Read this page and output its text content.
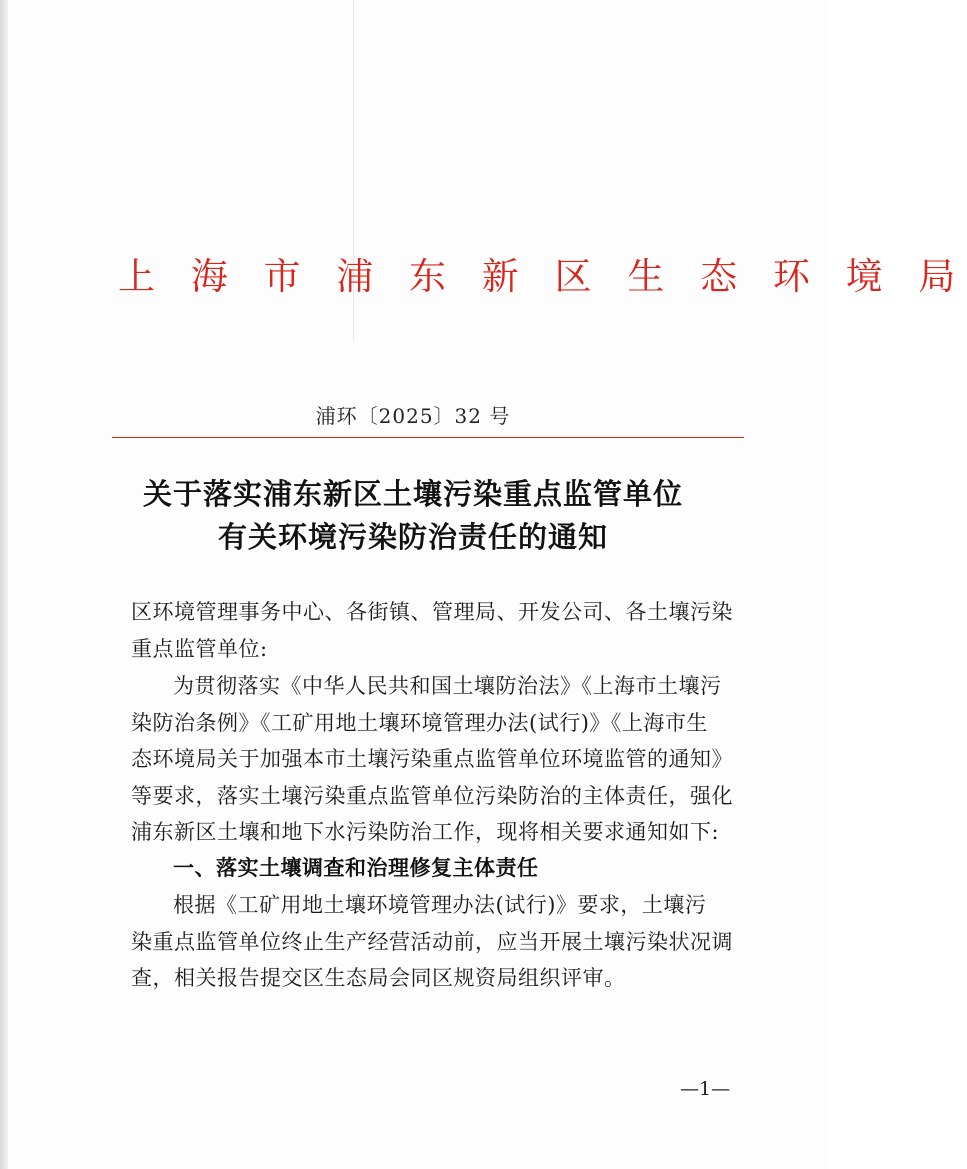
上 海 市 浦 东 新 区 生 态 环 境 局
浦环〔2025〕32 号
关于落实浦东新区土壤污染重点监管单位
有关环境污染防治责任的通知
区环境管理事务中心、各街镇、管理局、开发公司、各土壤污染
重点监管单位:
为贯彻落实《中华人民共和国土壤防治法》《上海市土壤污
染防治条例》《工矿用地土壤环境管理办法(试行)》《上海市生
态环境局关于加强本市土壤污染重点监管单位环境监管的通知》
等要求，落实土壤污染重点监管单位污染防治的主体责任，强化
浦东新区土壤和地下水污染防治工作，现将相关要求通知如下:
一、落实土壤调查和治理修复主体责任
根据《工矿用地土壤环境管理办法(试行)》要求，土壤污
染重点监管单位终止生产经营活动前，应当开展土壤污染状况调
查，相关报告提交区生态局会同区规资局组织评审。
—1—
